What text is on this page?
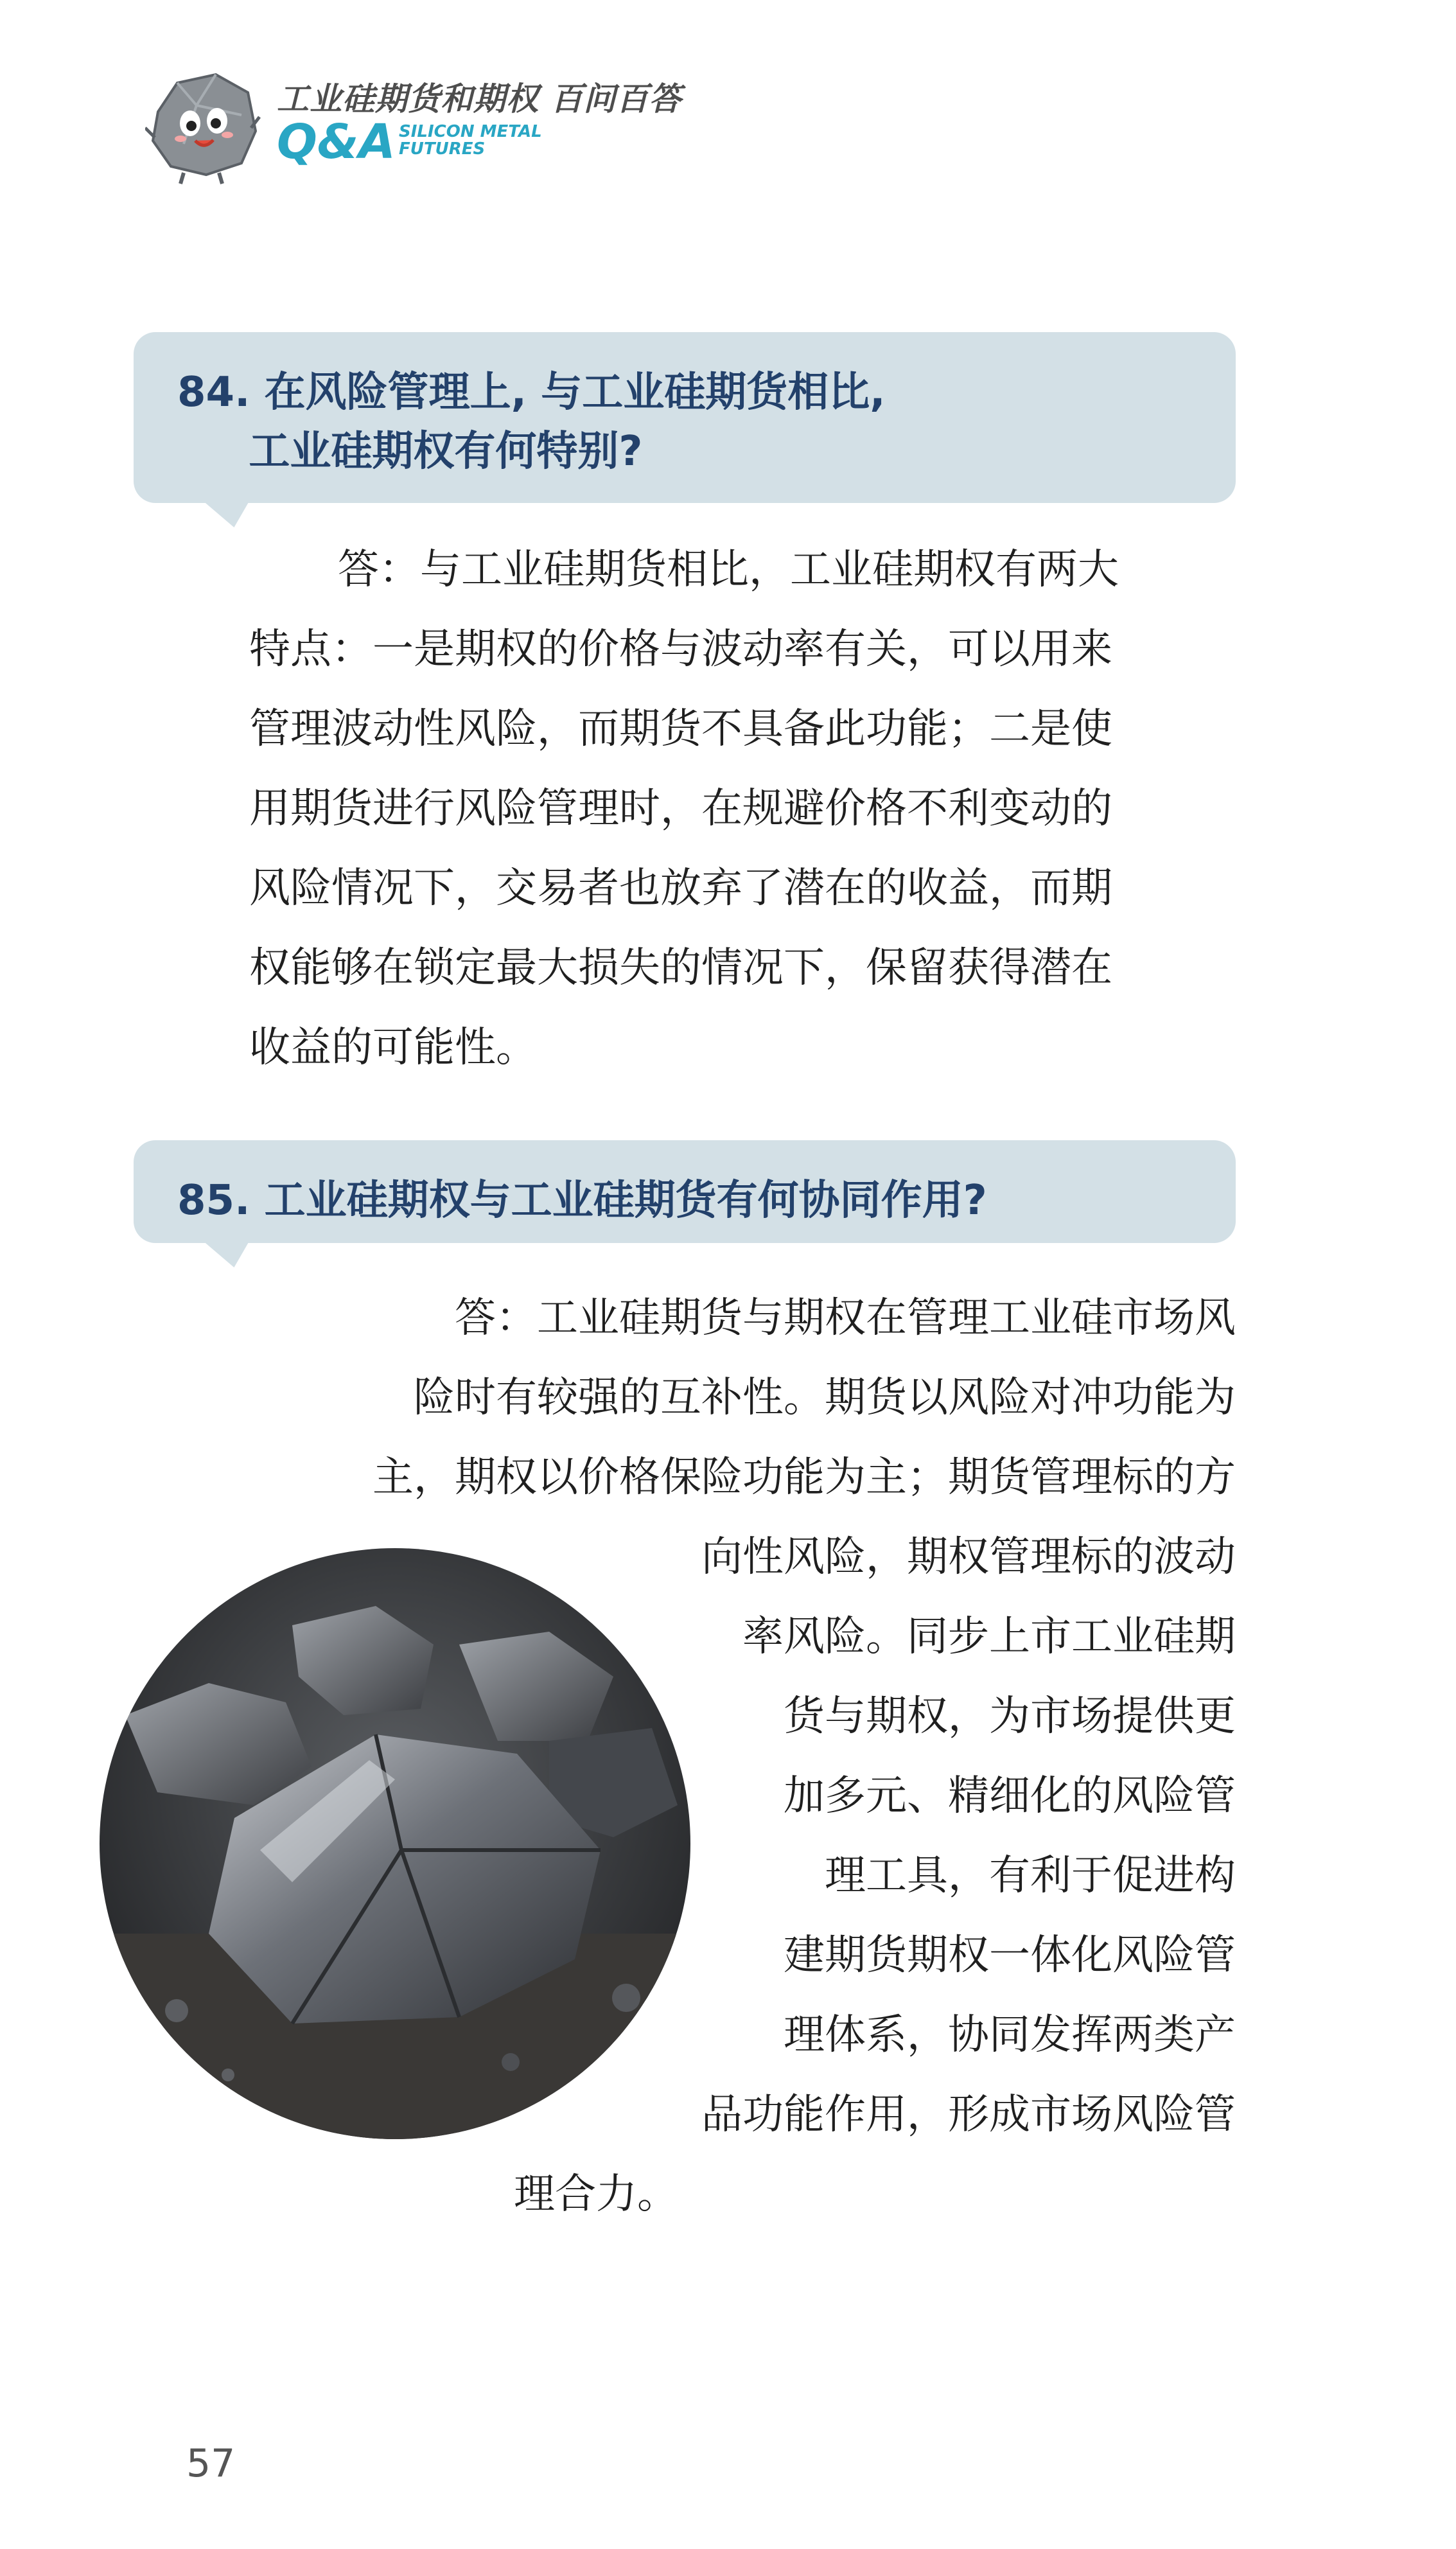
工业硅期货和期权 百问百答
Q&A SILICON METAL
FUTURES
84. 在风险管理上, 与工业硅期货相比,
工业硅期权有何特别?
答：与工业硅期货相比，工业硅期权有两大
特点：一是期权的价格与波动率有关，可以用来
管理波动性风险，而期货不具备此功能；二是使
用期货进行风险管理时，在规避价格不利变动的
风险情况下，交易者也放弃了潜在的收益，而期
权能够在锁定最大损失的情况下，保留获得潜在
收益的可能性。
85. 工业硅期权与工业硅期货有何协同作用?
答：工业硅期货与期权在管理工业硅市场风
险时有较强的互补性。期货以风险对冲功能为
主，期权以价格保险功能为主；期货管理标的方
向性风险，期权管理标的波动
率风险。同步上市工业硅期
货与期权，为市场提供更
加多元、精细化的风险管
理工具，有利于促进构
建期货期权一体化风险管
理体系，协同发挥两类产
品功能作用，形成市场风险管
理合力。
57
